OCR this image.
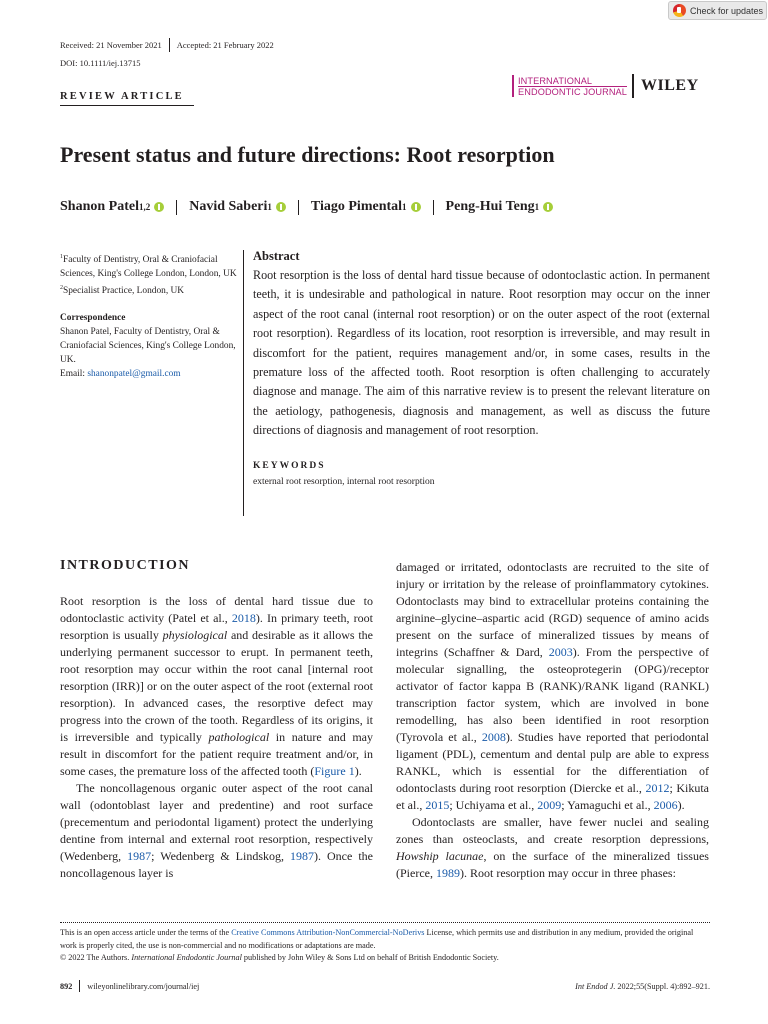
Check for updates
Received: 21 November 2021 Accepted: 21 February 2022
DOI: 10.1111/iej.13715
REVIEW ARTICLE
INTERNATIONAL
ENDODONTIC JOURNAL WILEY
Present status and future directions: Root resorption
Shanon Patel 1,2	Navid Saberi 1	Tiago Pimental 1	Peng-Hui Teng 1
$^1$Faculty of Dentistry, Oral & Craniofacial Sciences, King's College London, London, UK
$^2$Specialist Practice, London, UK
Correspondence
Shanon Patel, Faculty of Dentistry, Oral & Craniofacial Sciences, King's College London, UK.
Email: shanonpatel@gmail.com
Abstract
Root resorption is the loss of dental hard tissue because of odontoclastic action. In permanent teeth, it is undesirable and pathological in nature. Root resorption may occur on the inner aspect of the root canal (internal root resorption) or on the outer aspect of the root (external root resorption). Regardless of its location, root resorption is irreversible, and may result in discomfort for the patient, requires management and/or, in some cases, results in the premature loss of the affected tooth. Root resorption is often challenging to accurately diagnose and manage. The aim of this narrative review is to present the relevant literature on the aetiology, pathogenesis, diagnosis and management, as well as discuss the future directions of diagnosis and management of root resorption.
KEYWORDS
external root resorption, internal root resorption
INTRODUCTION

Root resorption is the loss of dental hard tissue due to odontoclastic activity (Patel et al., 2018). In primary teeth, root resorption is usually physiological and desirable as it allows the underlying permanent successor to erupt. In permanent teeth, root resorption may occur within the root canal [internal root resorption (IRR)] or on the outer aspect of the root (external root resorption). In advanced cases, the resorptive defect may progress into the crown of the tooth. Regardless of its origins, it is irreversible and typically pathological in nature and may result in discomfort for the patient require treatment and/or, in some cases, the premature loss of the affected tooth (Figure 1).

The noncollagenous organic outer aspect of the root canal wall (odontoblast layer and predentine) and root surface (precementum and periodontal ligament) protect the underlying dentine from internal and external root resorption, respectively (Wedenberg, 1987; Wedenberg & Lindskog, 1987). Once the noncollagenous layer is

damaged or irritated, odontoclasts are recruited to the site of injury or irritation by the release of proinflammatory cytokines. Odontoclasts may bind to extracellular proteins containing the arginine–glycine–aspartic acid (RGD) sequence of amino acids present on the surface of mineralized tissues by means of integrins (Schaffner & Dard, 2003). From the perspective of molecular signalling, the osteoprotegerin (OPG)/receptor activator of factor kappa B (RANK)/RANK ligand (RANKL) transcription factor system, which are involved in bone remodelling, has also been identified in root resorption (Tyrovola et al., 2008). Studies have reported that periodontal ligament (PDL), cementum and dental pulp are able to express RANKL, which is essential for the differentiation of odontoclasts during root resorption (Diercke et al., 2012; Kikuta et al., 2015; Uchiyama et al., 2009; Yamaguchi et al., 2006).

Odontoclasts are smaller, have fewer nuclei and sealing zones than osteoclasts, and create resorption depressions, Howship lacunae, on the surface of the mineralized tissues (Pierce, 1989). Root resorption may occur in three phases:

This is an open access article under the terms of the Creative Commons Attribution-NonCommercial-NoDerivs License, which permits use and distribution in any medium, provided the original work is properly cited, the use is non-commercial and no modifications or adaptations are made.
© 2022 The Authors. International Endodontic Journal published by John Wiley & Sons Ltd on behalf of British Endodontic Society.
892 wileyonlinelibrary.com/journal/iej	Int Endod J. 2022;55(Suppl. 4):892–921.
